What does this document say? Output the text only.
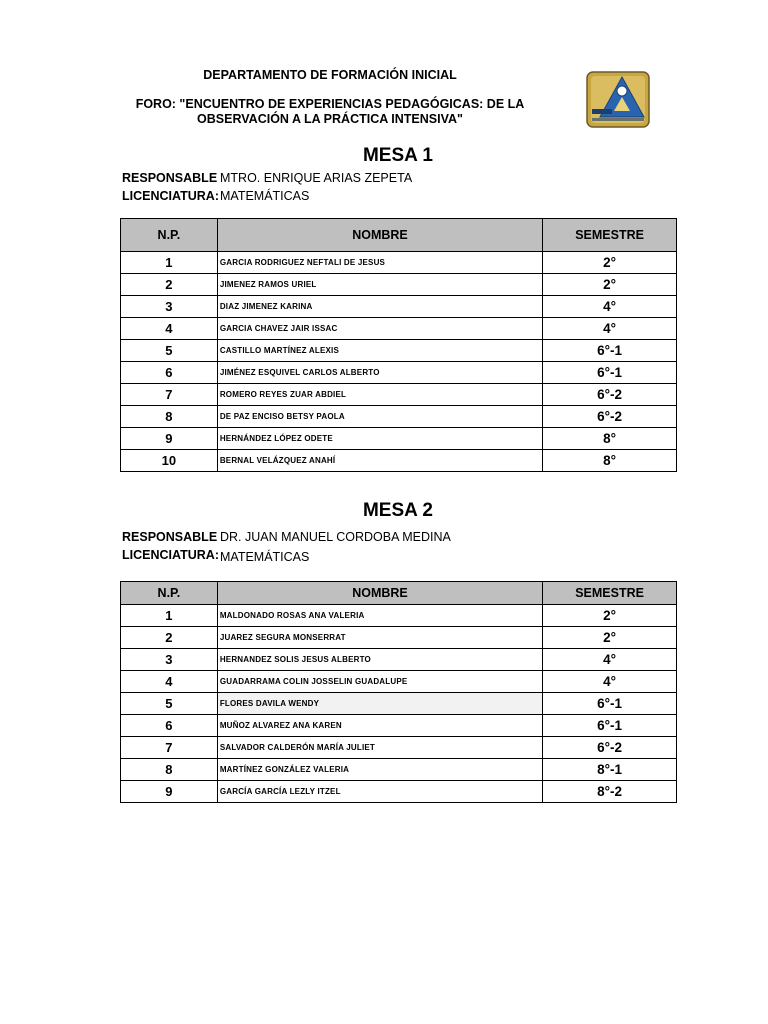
DEPARTAMENTO DE FORMACIÓN INICIAL
FORO: "ENCUENTRO DE EXPERIENCIAS PEDAGÓGICAS: DE LA
OBSERVACIÓN A LA PRÁCTICA INTENSIVA"
MESA 1
RESPONSABLE MTRO. ENRIQUE ARIAS ZEPETA
LICENCIATURA: MATEMÁTICAS
N.P.	NOMBRE	SEMESTRE
1	GARCIA RODRIGUEZ NEFTALI DE JESUS	2°
2	JIMENEZ RAMOS URIEL	2°
3	DIAZ JIMENEZ KARINA	4°
4	GARCIA CHAVEZ JAIR ISSAC	4°
5	CASTILLO MARTÍNEZ ALEXIS	6°-1
6	JIMÉNEZ ESQUIVEL CARLOS ALBERTO	6°-1
7	ROMERO REYES ZUAR ABDIEL	6°-2
8	DE PAZ ENCISO BETSY PAOLA	6°-2
9	HERNÁNDEZ LÓPEZ ODETE	8°
10	BERNAL VELÁZQUEZ ANAHÍ	8°
MESA 2
RESPONSABLE DR. JUAN MANUEL CORDOBA MEDINA
LICENCIATURA: MATEMÁTICAS
N.P.	NOMBRE	SEMESTRE
1	MALDONADO ROSAS ANA VALERIA	2°
2	JUAREZ SEGURA MONSERRAT	2°
3	HERNANDEZ SOLIS JESUS ALBERTO	4°
4	GUADARRAMA COLIN JOSSELIN GUADALUPE	4°
5	FLORES DAVILA WENDY	6°-1
6	MUÑOZ ALVAREZ ANA KAREN	6°-1
7	SALVADOR CALDERÓN MARÍA JULIET	6°-2
8	MARTÍNEZ GONZÁLEZ VALERIA	8°-1
9	GARCÍA GARCÍA LEZLY ITZEL	8°-2
